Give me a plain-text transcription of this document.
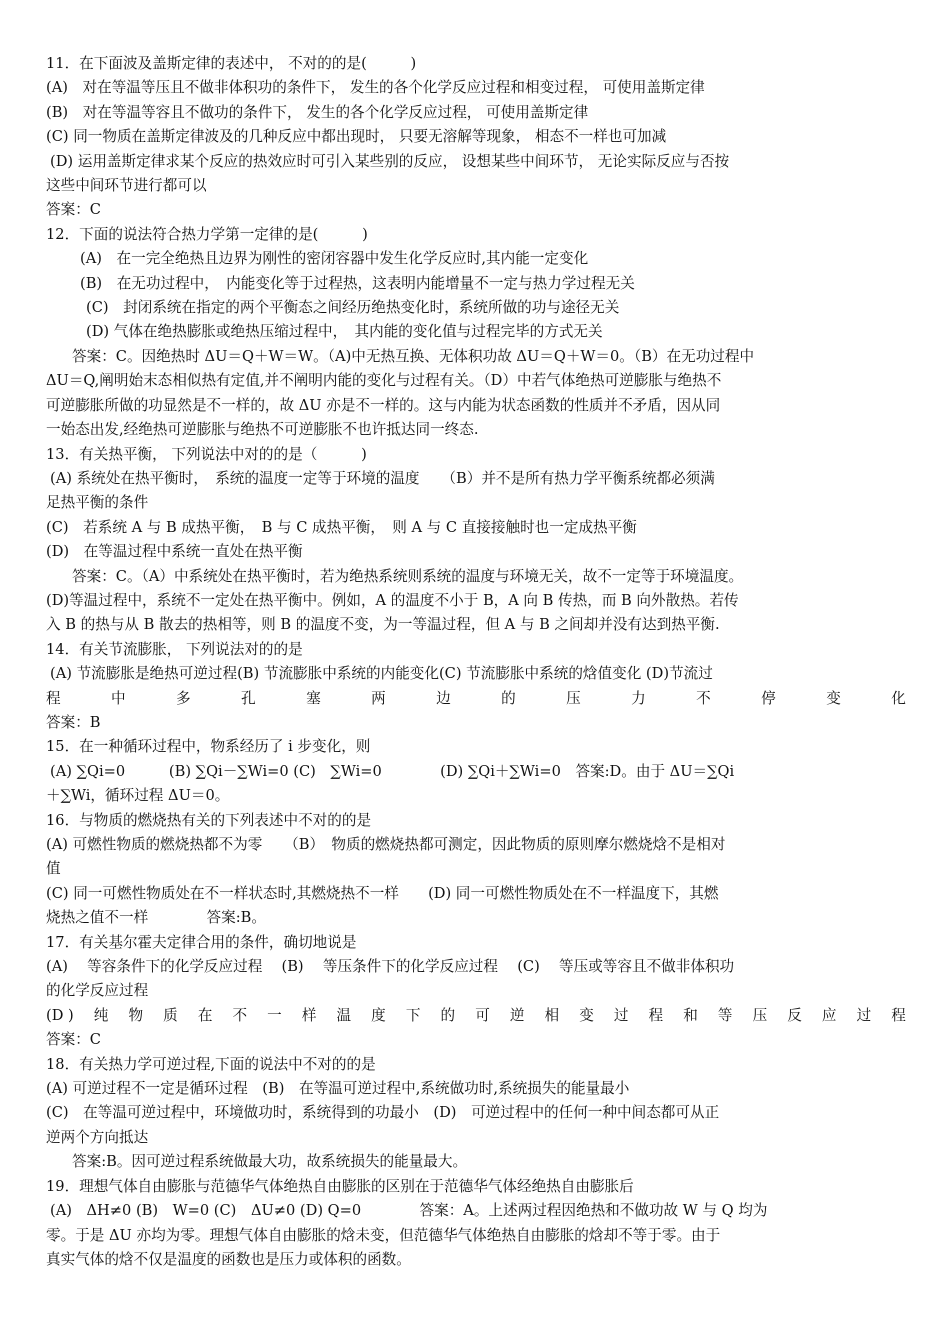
11．在下面波及盖斯定律的表述中， 不对的的是(　　　)
(A)　对在等温等压且不做非体积功的条件下， 发生的各个化学反应过程和相变过程， 可使用盖斯定律
(B)　对在等温等容且不做功的条件下， 发生的各个化学反应过程， 可使用盖斯定律
(C) 同一物质在盖斯定律波及的几种反应中都出现时， 只要无溶解等现象， 相态不一样也可加减
(D) 运用盖斯定律求某个反应的热效应时可引入某些别的反应， 设想某些中间环节， 无论实际反应与否按
这些中间环节进行都可以
答案：C
12．下面的说法符合热力学第一定律的是(　　　)
(A)　在一完全绝热且边界为刚性的密闭容器中发生化学反应时,其内能一定变化
(B)　在无功过程中，　内能变化等于过程热，这表明内能增量不一定与热力学过程无关
(C)　封闭系统在指定的两个平衡态之间经历绝热变化时，系统所做的功与途径无关
(D) 气体在绝热膨胀或绝热压缩过程中，　其内能的变化值与过程完毕的方式无关
答案：C。因绝热时 ΔU＝Q＋W＝W。（A)中无热互换、无体积功故 ΔU＝Q＋W＝0。（B）在无功过程中
ΔU＝Q,阐明始末态相似热有定值,并不阐明内能的变化与过程有关。（D）中若气体绝热可逆膨胀与绝热不
可逆膨胀所做的功显然是不一样的，故 ΔU 亦是不一样的。这与内能为状态函数的性质并不矛盾，因从同
一始态出发,经绝热可逆膨胀与绝热不可逆膨胀不也许抵达同一终态.
13．有关热平衡， 下列说法中对的的是（　　　)
(A) 系统处在热平衡时，　系统的温度一定等于环境的温度　　（B）并不是所有热力学平衡系统都必须满
足热平衡的条件
(C)　若系统 A 与 B 成热平衡，　B 与 C 成热平衡，　则 A 与 C 直接接触时也一定成热平衡
(D)　在等温过程中系统一直处在热平衡
答案：C。（A）中系统处在热平衡时，若为绝热系统则系统的温度与环境无关，故不一定等于环境温度。
(D)等温过程中，系统不一定处在热平衡中。例如，A 的温度不小于 B，A 向 B 传热，而 B 向外散热。若传
入 B 的热与从 B 散去的热相等，则 B 的温度不变，为一等温过程，但 A 与 B 之间却并没有达到热平衡.
14．有关节流膨胀， 下列说法对的的是
(A) 节流膨胀是绝热可逆过程(B) 节流膨胀中系统的内能变化(C) 节流膨胀中系统的焓值变化 (D)节流过
程	中	多	孔	塞	两	边	的	压	力	不	停	变	化
答案：B
15．在一种循环过程中，物系经历了 i 步变化，则
(A) ∑Qi=0　　　(B) ∑Qi－∑Wi=0 (C)　∑Wi=0　　　　(D) ∑Qi＋∑Wi=0　答案:D。由于 ΔU＝∑Qi
＋∑Wi，循环过程 ΔU＝0。
16．与物质的燃烧热有关的下列表述中不对的的是
(A) 可燃性物质的燃烧热都不为零　　（B）　物质的燃烧热都可测定，因此物质的原则摩尔燃烧焓不是相对
值
(C) 同一可燃性物质处在不一样状态时,其燃烧热不一样　　(D) 同一可燃性物质处在不一样温度下，其燃
烧热之值不一样　　　　答案:B。
17．有关基尔霍夫定律合用的条件，确切地说是
(A)　 等容条件下的化学反应过程　 (B)　 等压条件下的化学反应过程　 (C)　 等压或等容且不做非体积功
的化学反应过程
(D ) 纯 物 质 在 不 一 样 温 度 下 的 可 逆 相 变 过 程 和 等 压 反 应 过 程
答案：C
18．有关热力学可逆过程,下面的说法中不对的的是
(A) 可逆过程不一定是循环过程　(B)　在等温可逆过程中,系统做功时,系统损失的能量最小
(C)　在等温可逆过程中，环境做功时，系统得到的功最小　(D)　可逆过程中的任何一种中间态都可从正
逆两个方向抵达
答案:B。因可逆过程系统做最大功，故系统损失的能量最大。
19．理想气体自由膨胀与范德华气体绝热自由膨胀的区别在于范德华气体经绝热自由膨胀后
(A)　ΔH≠0 (B)　W=0 (C)　ΔU≠0 (D) Q=0　　　　答案：A。上述两过程因绝热和不做功故 W 与 Q 均为
零。于是 ΔU 亦均为零。理想气体自由膨胀的焓未变，但范德华气体绝热自由膨胀的焓却不等于零。由于
真实气体的焓不仅是温度的函数也是压力或体积的函数。
